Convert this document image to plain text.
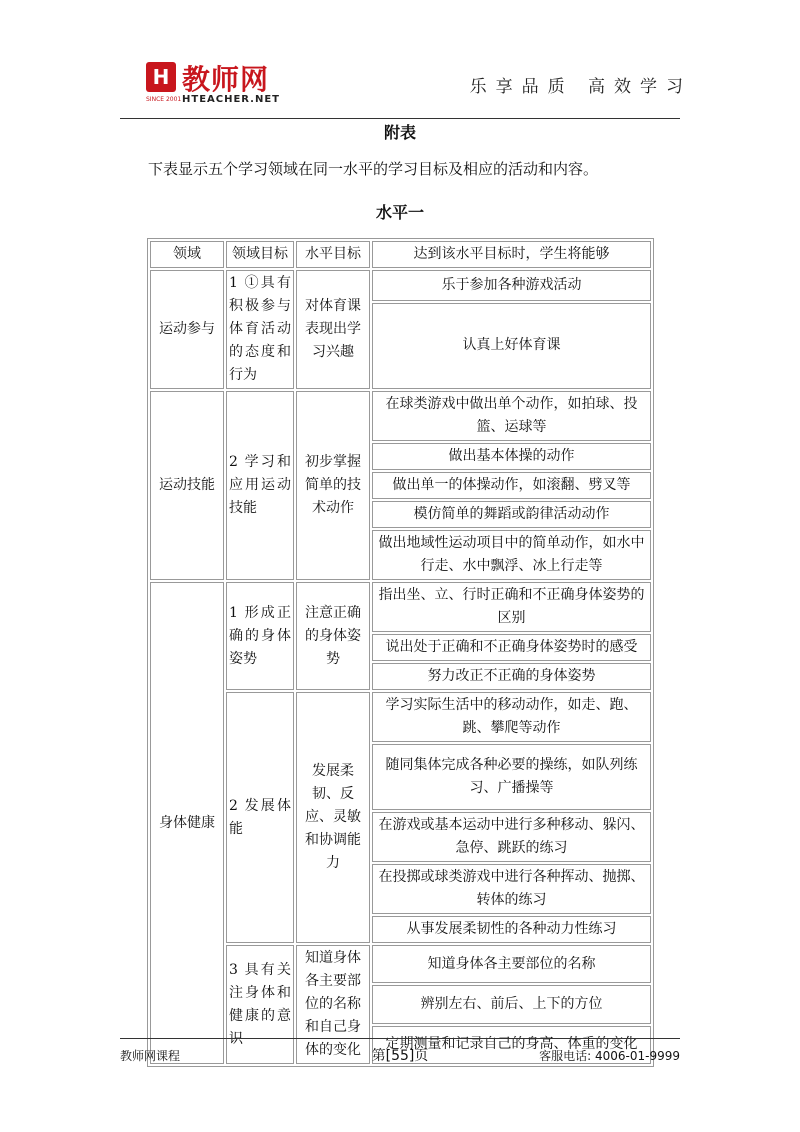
H 教师网
HTEACHER.NET
SINCE 2001
乐享品质 高效学习
附表
下表显示五个学习领域在同一水平的学习目标及相应的活动和内容。
水平一
领域	领域目标	水平目标	达到该水平目标时，学生将能够
运动参与	1 ①具有积极参与体育活动的态度和行为	对体育课表现出学习兴趣	乐于参加各种游戏活动
			认真上好体育课
运动技能	2 学习和应用运动技能	初步掌握简单的技术动作	在球类游戏中做出单个动作，如拍球、投篮、运球等
			做出基本体操的动作
			做出单一的体操动作，如滚翻、劈叉等
			模仿简单的舞蹈或韵律活动动作
			做出地域性运动项目中的简单动作，如水中行走、水中飘浮、冰上行走等
身体健康	1 形成正确的身体姿势	注意正确的身体姿势	指出坐、立、行时正确和不正确身体姿势的区别
			说出处于正确和不正确身体姿势时的感受
			努力改正不正确的身体姿势
	2 发展体能	发展柔韧、反应、灵敏和协调能力	学习实际生活中的移动动作，如走、跑、跳、攀爬等动作
			随同集体完成各种必要的操练，如队列练习、广播操等
			在游戏或基本运动中进行多种移动、躲闪、急停、跳跃的练习
			在投掷或球类游戏中进行各种挥动、抛掷、转体的练习
			从事发展柔韧性的各种动力性练习
	3 具有关注身体和健康的意识	知道身体各主要部位的名称和自己身体的变化	知道身体各主要部位的名称
			辨别左右、前后、上下的方位
			定期测量和记录自己的身高、体重的变化
教师网课程	第[55]页	客服电话: 4006-01-9999
